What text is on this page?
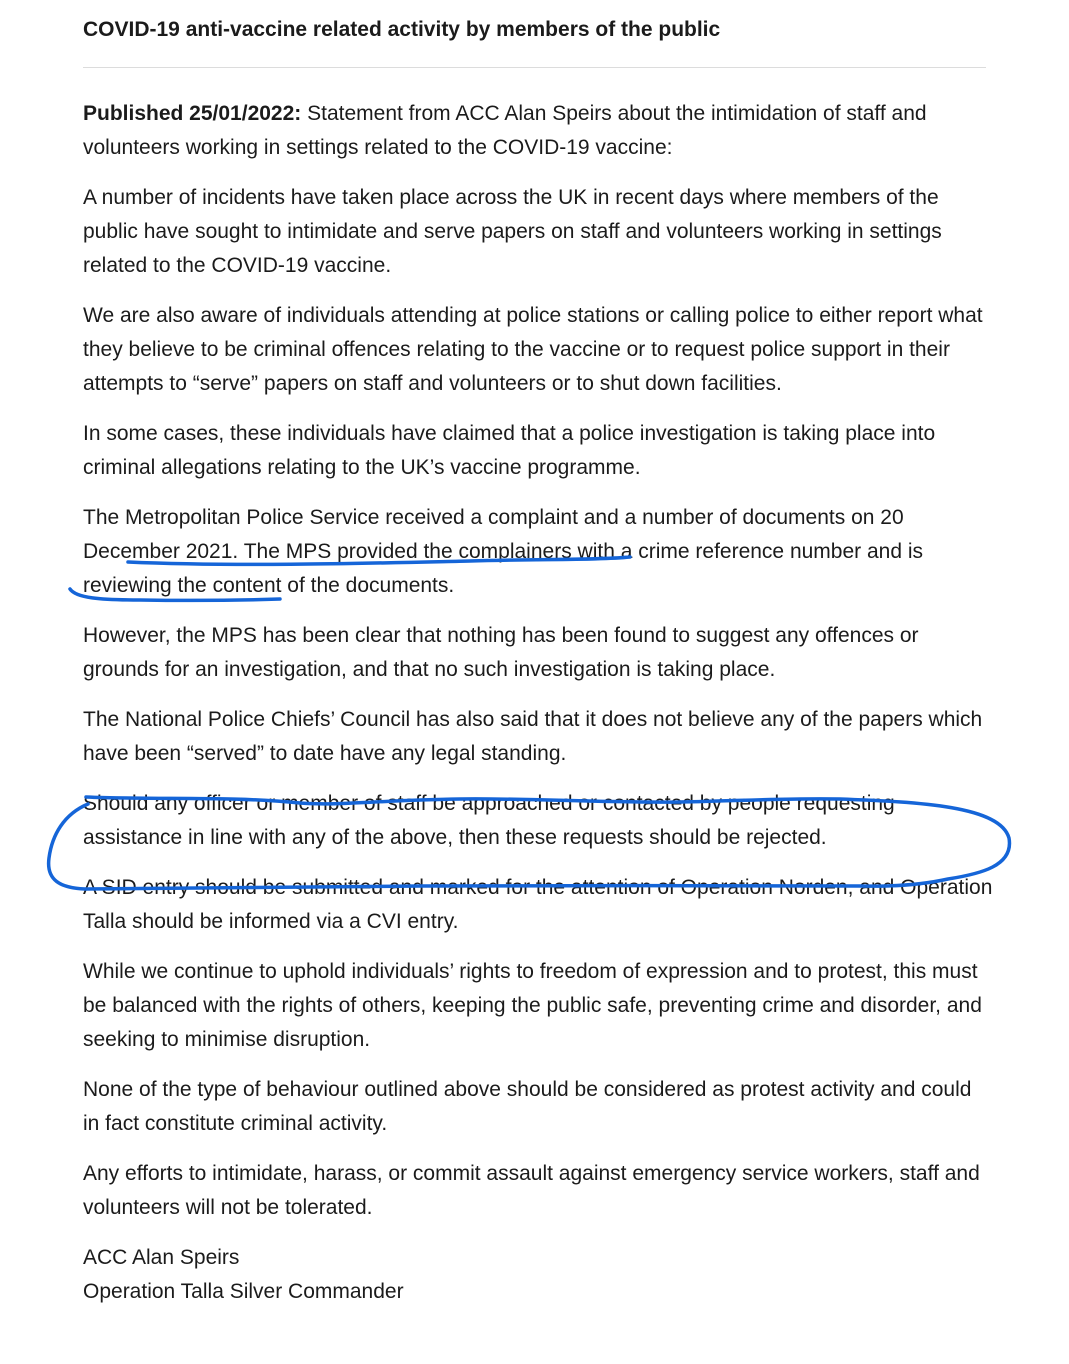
COVID-19 anti-vaccine related activity by members of the public

Published 25/01/2022: Statement from ACC Alan Speirs about the intimidation of staff and volunteers working in settings related to the COVID-19 vaccine:

A number of incidents have taken place across the UK in recent days where members of the public have sought to intimidate and serve papers on staff and volunteers working in settings related to the COVID-19 vaccine.

We are also aware of individuals attending at police stations or calling police to either report what they believe to be criminal offences relating to the vaccine or to request police support in their attempts to “serve” papers on staff and volunteers or to shut down facilities.

In some cases, these individuals have claimed that a police investigation is taking place into criminal allegations relating to the UK’s vaccine programme.

The Metropolitan Police Service received a complaint and a number of documents on 20 December 2021. The MPS provided the complainers with a crime reference number and is reviewing the content of the documents.

However, the MPS has been clear that nothing has been found to suggest any offences or grounds for an investigation, and that no such investigation is taking place.

The National Police Chiefs’ Council has also said that it does not believe any of the papers which have been “served” to date have any legal standing.

Should any officer or member of staff be approached or contacted by people requesting assistance in line with any of the above, then these requests should be rejected.

A SID entry should be submitted and marked for the attention of Operation Norden, and Operation Talla should be informed via a CVI entry.

While we continue to uphold individuals’ rights to freedom of expression and to protest, this must be balanced with the rights of others, keeping the public safe, preventing crime and disorder, and seeking to minimise disruption.

None of the type of behaviour outlined above should be considered as protest activity and could in fact constitute criminal activity.

Any efforts to intimidate, harass, or commit assault against emergency service workers, staff and volunteers will not be tolerated.

ACC Alan Speirs

Operation Talla Silver Commander
